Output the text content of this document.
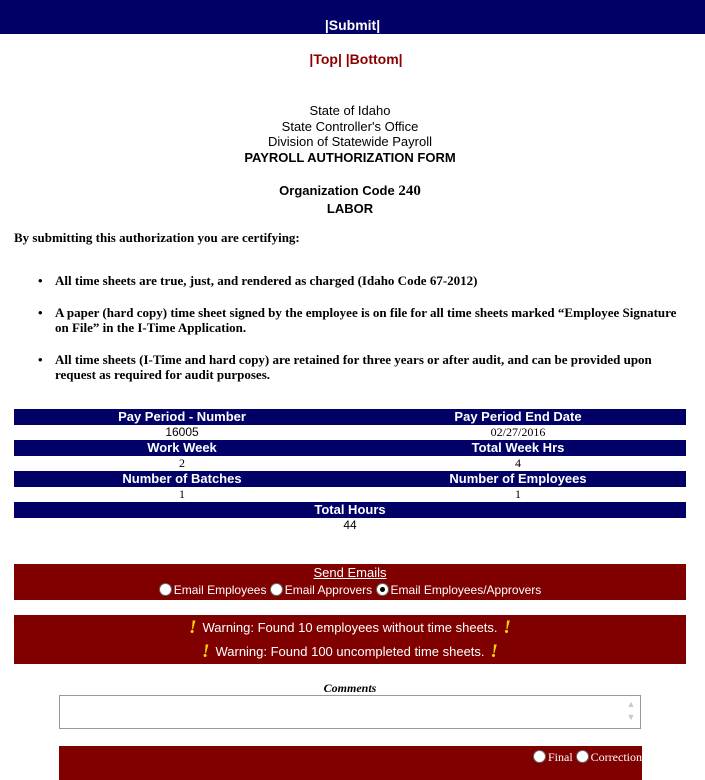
|Submit|
|Top| |Bottom|
State of Idaho
State Controller's Office
Division of Statewide Payroll
PAYROLL AUTHORIZATION FORM
Organization Code 240
LABOR
By submitting this authorization you are certifying:
• All time sheets are true, just, and rendered as charged (Idaho Code 67-2012)
• A paper (hard copy) time sheet signed by the employee is on file for all time sheets marked “Employee Signature on File” in the I-Time Application.
• All time sheets (I-Time and hard copy) are retained for three years or after audit, and can be provided upon request as required for audit purposes.
Pay Period - Number	Pay Period End Date
16005	02/27/2016
Work Week	Total Week Hrs
2	4
Number of Batches	Number of Employees
1	1
Total Hours	
44	
Send Emails
Email Employees Email Approvers Email Employees/Approvers
! Warning: Found 10 employees without time sheets. !
! Warning: Found 100 uncompleted time sheets. !
Comments
▲
▼
Final Correction
